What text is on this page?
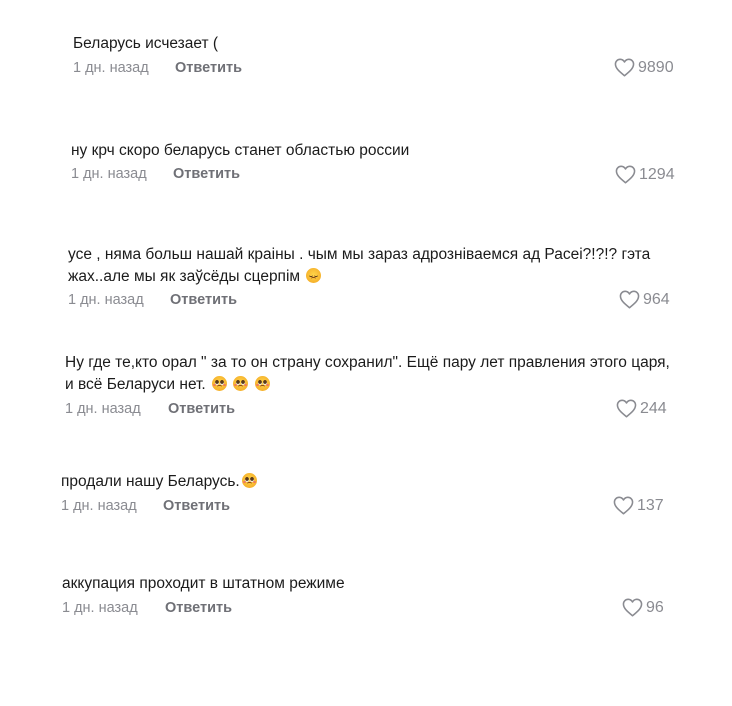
Беларусь исчезает (
1 дн. назад Ответить	9890
ну крч скоро беларусь станет областью россии
1 дн. назад Ответить	1294
усе , няма больш нашай краіны . чым мы зараз адрозніваемся ад Расеі?!?!? гэта
жах..але мы як заўсёды сцерпім
1 дн. назад Ответить	964
Ну где те,кто орал " за то он страну сохранил". Ещё пару лет правления этого царя,
и всё Беларуси нет.

1 дн. назад Ответить	244
продали нашу Беларусь.
1 дн. назад Ответить	137
аккупация проходит в штатном режиме
1 дн. назад Ответить	96
